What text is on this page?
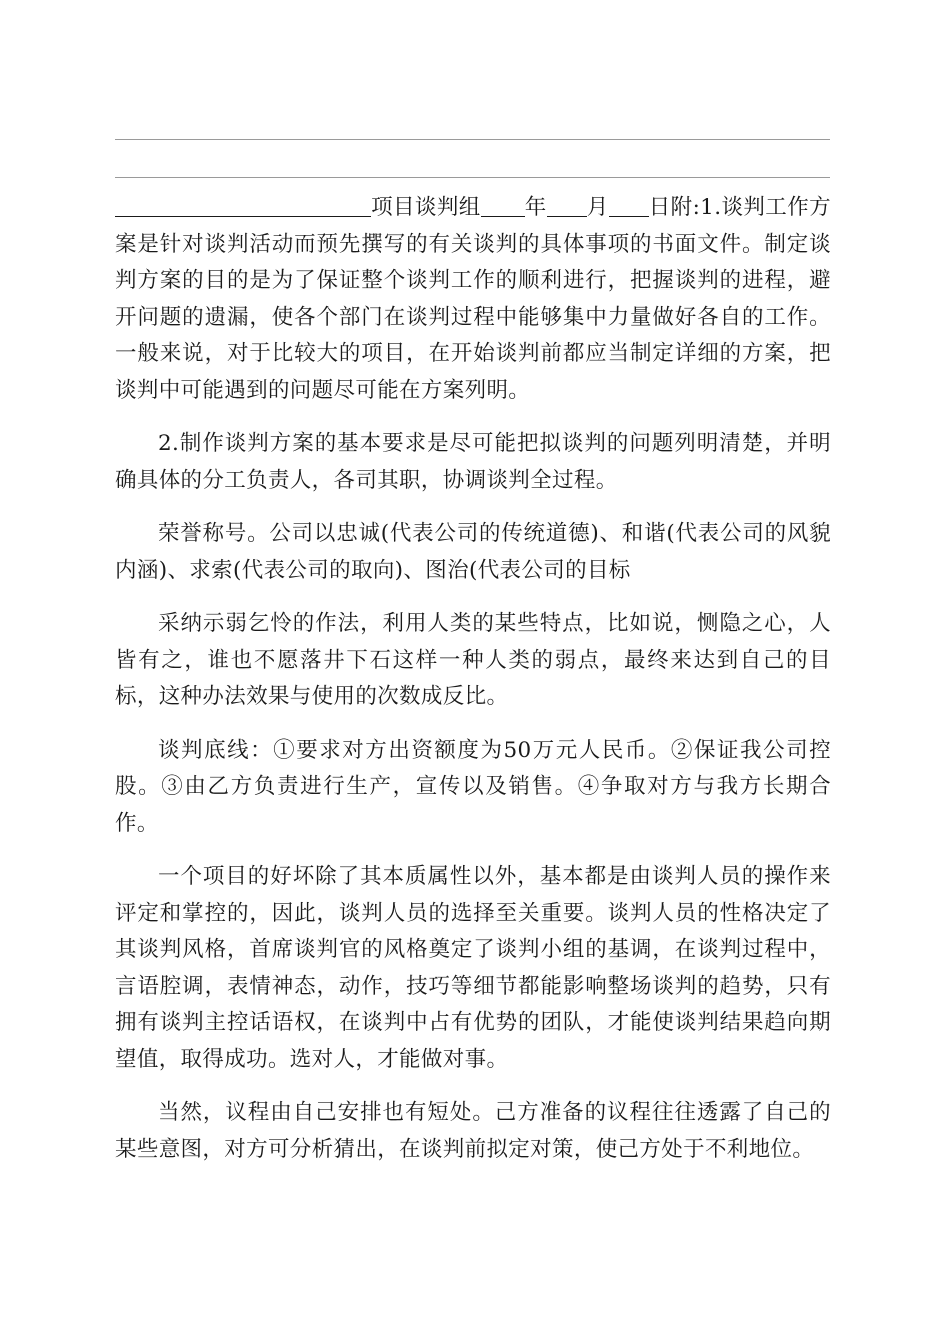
项目谈判组 年 月 日附:1.谈判工作方案是针对谈判活动而预先撰写的有关谈判的具体事项的书面文件。制定谈判方案的目的是为了保证整个谈判工作的顺利进行，把握谈判的进程，避开问题的遗漏，使各个部门在谈判过程中能够集中力量做好各自的工作。一般来说，对于比较大的项目，在开始谈判前都应当制定详细的方案，把谈判中可能遇到的问题尽可能在方案列明。

2.制作谈判方案的基本要求是尽可能把拟谈判的问题列明清楚，并明确具体的分工负责人，各司其职，协调谈判全过程。

荣誉称号。公司以忠诚(代表公司的传统道德)、和谐(代表公司的风貌内涵)、求索(代表公司的取向)、图治(代表公司的目标

采纳示弱乞怜的作法，利用人类的某些特点，比如说，恻隐之心，人皆有之，谁也不愿落井下石这样一种人类的弱点，最终来达到自己的目标，这种办法效果与使用的次数成反比。

谈判底线：①要求对方出资额度为50万元人民币。②保证我公司控股。③由乙方负责进行生产，宣传以及销售。④争取对方与我方长期合作。

一个项目的好坏除了其本质属性以外，基本都是由谈判人员的操作来评定和掌控的，因此，谈判人员的选择至关重要。谈判人员的性格决定了其谈判风格，首席谈判官的风格奠定了谈判小组的基调，在谈判过程中，言语腔调，表情神态，动作，技巧等细节都能影响整场谈判的趋势，只有拥有谈判主控话语权，在谈判中占有优势的团队，才能使谈判结果趋向期望值，取得成功。选对人，才能做对事。

当然，议程由自己安排也有短处。己方准备的议程往往透露了自己的某些意图，对方可分析猜出，在谈判前拟定对策，使己方处于不利地位。
